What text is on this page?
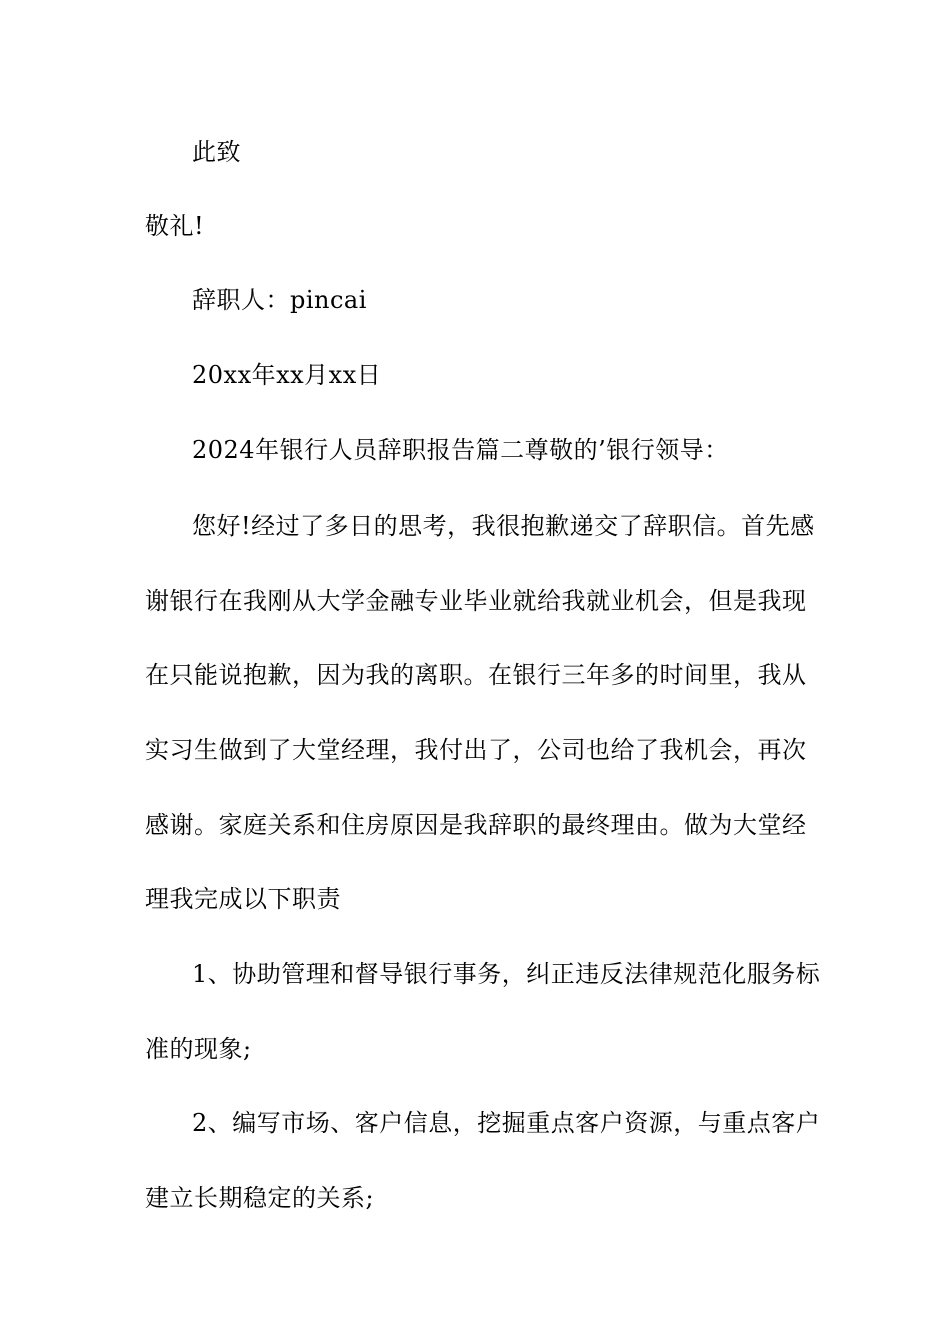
此致
敬礼!
辞职人：pincai
20xx年xx月xx日
2024年银行人员辞职报告篇二尊敬的’银行领导：
您好!经过了多日的思考，我很抱歉递交了辞职信。首先感
谢银行在我刚从大学金融专业毕业就给我就业机会，但是我现
在只能说抱歉，因为我的离职。在银行三年多的时间里，我从
实习生做到了大堂经理，我付出了，公司也给了我机会，再次
感谢。家庭关系和住房原因是我辞职的最终理由。做为大堂经
理我完成以下职责
1、协助管理和督导银行事务，纠正违反法律规范化服务标
准的现象;
2、编写市场、客户信息，挖掘重点客户资源，与重点客户
建立长期稳定的关系;
